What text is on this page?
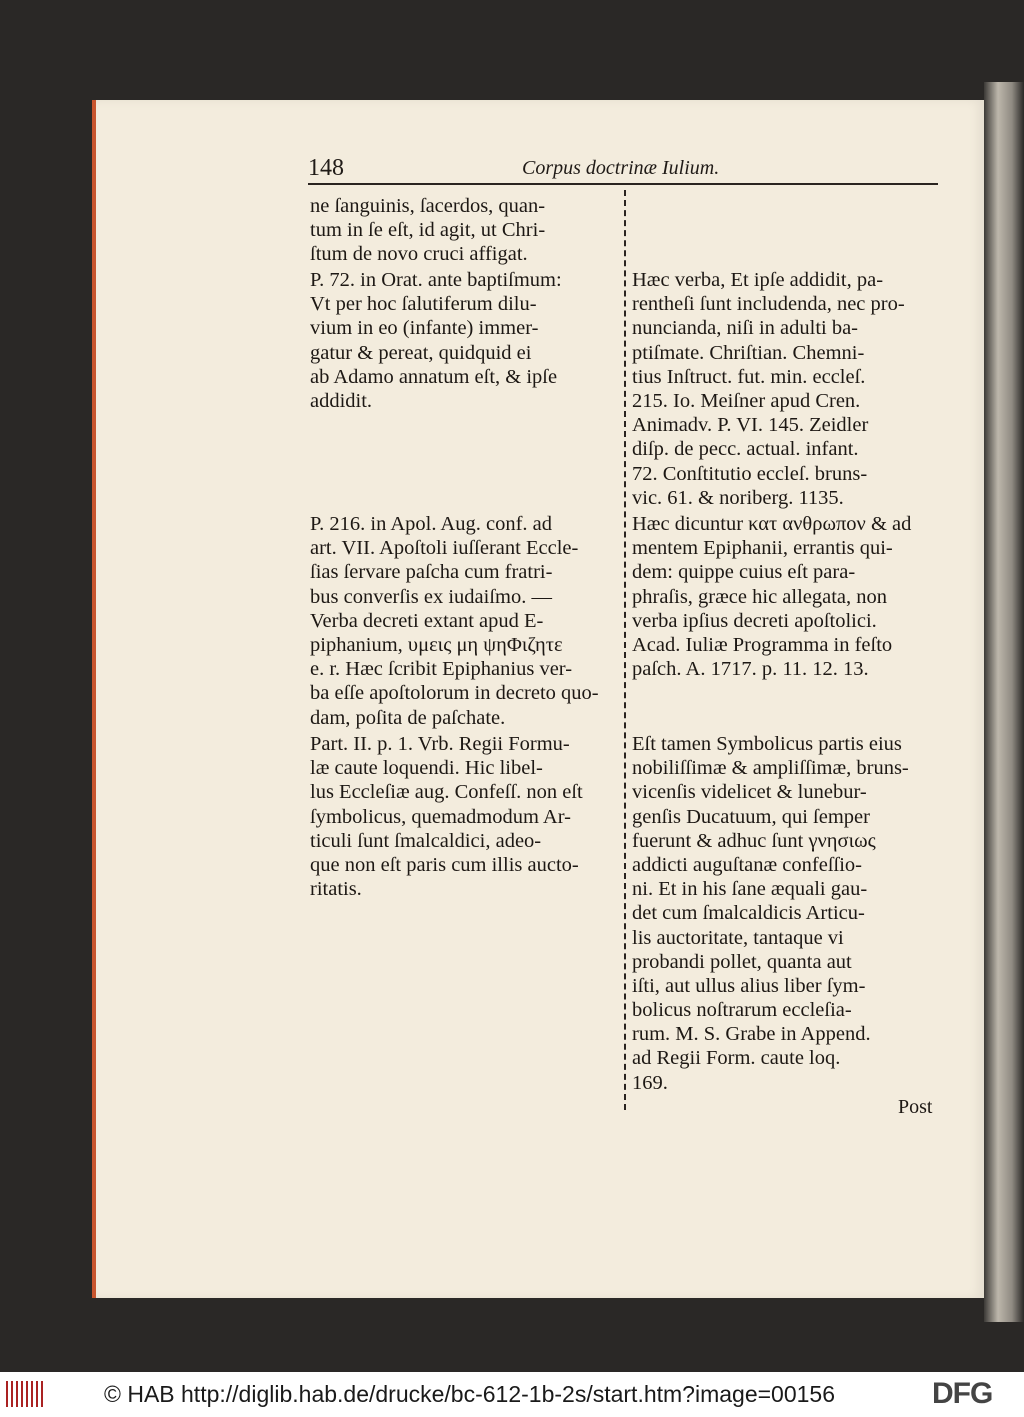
148	Corpus doctrinæ Iulium.
ne ſanguinis, ſacerdos, quan-
tum in ſe eſt, id agit, ut Chri-
ſtum de novo cruci affigat.
P. 72. in Orat. ante baptiſmum:
Vt per hoc ſalutiferum dilu-
vium in eo (infante) immer-
gatur & pereat, quidquid ei
ab Adamo annatum eſt, & ipſe
addidit.
P. 216. in Apol. Aug. conf. ad
art. VII. Apoſtoli iuſſerant Eccle-
ſias ſervare paſcha cum fratri-
bus converſis ex iudaiſmo. —
Verba decreti extant apud E-
piphanium, υμεις μη ψηΦιζητε
e. r. Hæc ſcribit Epiphanius ver-
ba eſſe apoſtolorum in decreto quo-
dam, poſita de paſchate.
Part. II. p. 1. Vrb. Regii Formu-
læ caute loquendi. Hic libel-
lus Eccleſiæ aug. Confeſſ. non eſt
ſymbolicus, quemadmodum Ar-
ticuli ſunt ſmalcaldici, adeo-
que non eſt paris cum illis aucto-
ritatis.
Hæc verba, Et ipſe addidit, pa-
rentheſi ſunt includenda, nec pro-
nuncianda, niſi in adulti ba-
ptiſmate. Chriſtian. Chemni-
tius Inſtruct. fut. min. eccleſ.
215. Io. Meiſner apud Cren.
Animadv. P. VI. 145. Zeidler
diſp. de pecc. actual. infant.
72. Conſtitutio eccleſ. bruns-
vic. 61. & noriberg. 1135.
Hæc dicuntur κατ ανθρωπον & ad
mentem Epiphanii, errantis qui-
dem: quippe cuius eſt para-
phraſis, græce hic allegata, non
verba ipſius decreti apoſtolici.
Acad. Iuliæ Programma in feſto
paſch. A. 1717. p. 11. 12. 13.
Eſt tamen Symbolicus partis eius
nobiliſſimæ & ampliſſimæ, bruns-
vicenſis videlicet & lunebur-
genſis Ducatuum, qui ſemper
fuerunt & adhuc ſunt γνησιως
addicti auguſtanæ confeſſio-
ni. Et in his ſane æquali gau-
det cum ſmalcaldicis Articu-
lis auctoritate, tantaque vi
probandi pollet, quanta aut
iſti, aut ullus alius liber ſym-
bolicus noſtrarum eccleſia-
rum. M. S. Grabe in Append.
ad Regii Form. caute loq.
169.
Post
© HAB http://diglib.hab.de/drucke/bc-612-1b-2s/start.htm?image=00156	DFG
